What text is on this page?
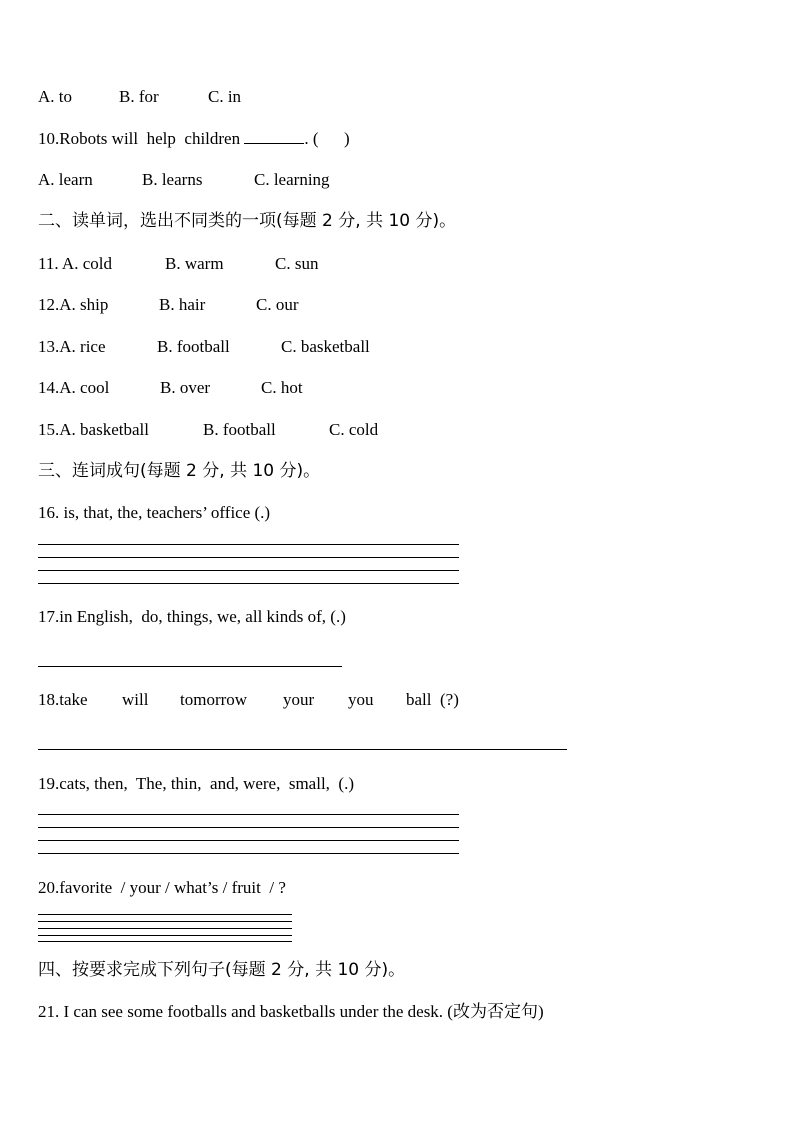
A. to	B. for	C. in
10.Robots will  help  children	. (      )
A. learn	B. learns	C. learning
二、读单词，选出不同类的一项(每题 2 分, 共 10 分)。
11. A. cold	B. warm	C. sun
12.A. ship	B. hair	C. our
13.A. rice	B. football	C. basketball
14.A. cool	B. over	C. hot
15.A. basketball	B. football	C. cold
三、连词成句(每题 2 分, 共 10 分)。
16. is, that, the, teachers’ office (.)
17.in English,  do, things, we, all kinds of, (.)
18.take will tomorrow your you ball  (?)
19.cats, then,  The, thin,  and, were,  small,  (.)
20.favorite  / your / what’s / fruit  / ?
四、按要求完成下列句子(每题 2 分, 共 10 分)。
21. I can see some footballs and basketballs under the desk. (改为否定句)
